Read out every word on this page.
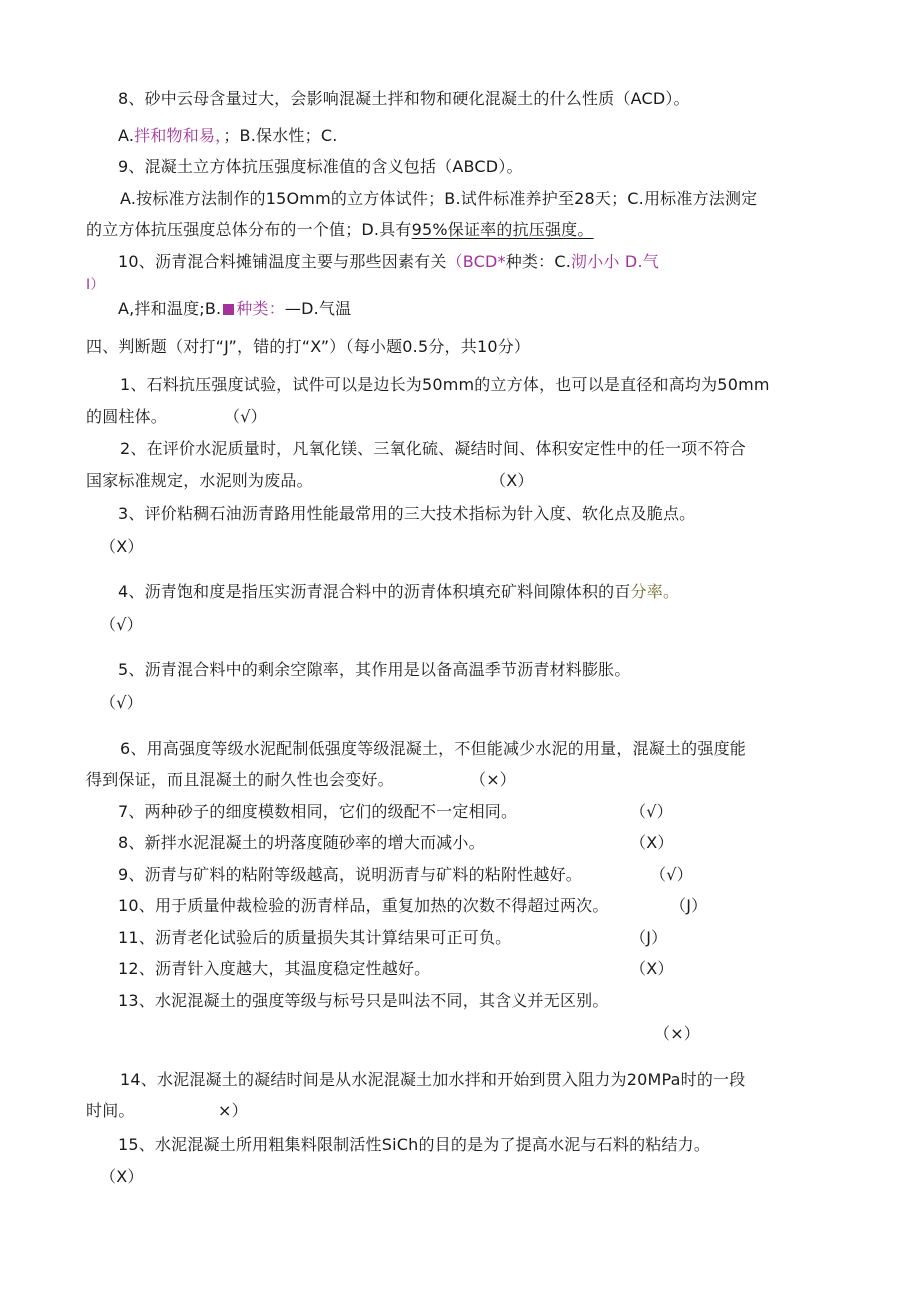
8、砂中云母含量过大，会影响混凝土拌和物和硬化混凝土的什么性质（ACD）。
A.拌和物和易，；B.保水性；C.
9、混凝土立方体抗压强度标准值的含义包括（ABCD）。
A.按标准方法制作的15Omm的立方体试件；B.试件标准养护至28天；C.用标准方法测定
的立方体抗压强度总体分布的一个值；D.具有95%保证率的抗压强度。
10、沥青混合料摊铺温度主要与那些因素有关（BCD*种类：C.沏小小 D.气
I）
A,拌和温度;B. 种类：—D.气温
四、判断题（对打“J”，错的打“X”）（每小题0.5分，共10分）
1、石料抗压强度试验，试件可以是边长为50mm的立方体，也可以是直径和高均为50mm
的圆柱体。	（√）
2、在评价水泥质量时，凡氧化镁、三氧化硫、凝结时间、体积安定性中的任一项不符合
国家标准规定，水泥则为废品。	（X）
3、评价粘稠石油沥青路用性能最常用的三大技术指标为针入度、软化点及脆点。
（X）
4、沥青饱和度是指压实沥青混合料中的沥青体积填充矿料间隙体积的百分率。
（√）
5、沥青混合料中的剩余空隙率，其作用是以备高温季节沥青材料膨胀。
（√）
6、用高强度等级水泥配制低强度等级混凝土，不但能减少水泥的用量，混凝土的强度能
得到保证，而且混凝土的耐久性也会变好。	（×）
7、两种砂子的细度模数相同，它们的级配不一定相同。	（√）
8、新拌水泥混凝土的坍落度随砂率的增大而减小。	（X）
9、沥青与矿料的粘附等级越高，说明沥青与矿料的粘附性越好。	（√）
10、用于质量仲裁检验的沥青样品，重复加热的次数不得超过两次。	（J）
11、沥青老化试验后的质量损失其计算结果可正可负。	（J）
12、沥青针入度越大，其温度稳定性越好。	（X）
13、水泥混凝土的强度等级与标号只是叫法不同，其含义并无区别。
（×）
14、水泥混凝土的凝结时间是从水泥混凝土加水拌和开始到贯入阻力为20MPa时的一段
时间。	×）
15、水泥混凝土所用粗集料限制活性SiCh的目的是为了提高水泥与石料的粘结力。
（X）
